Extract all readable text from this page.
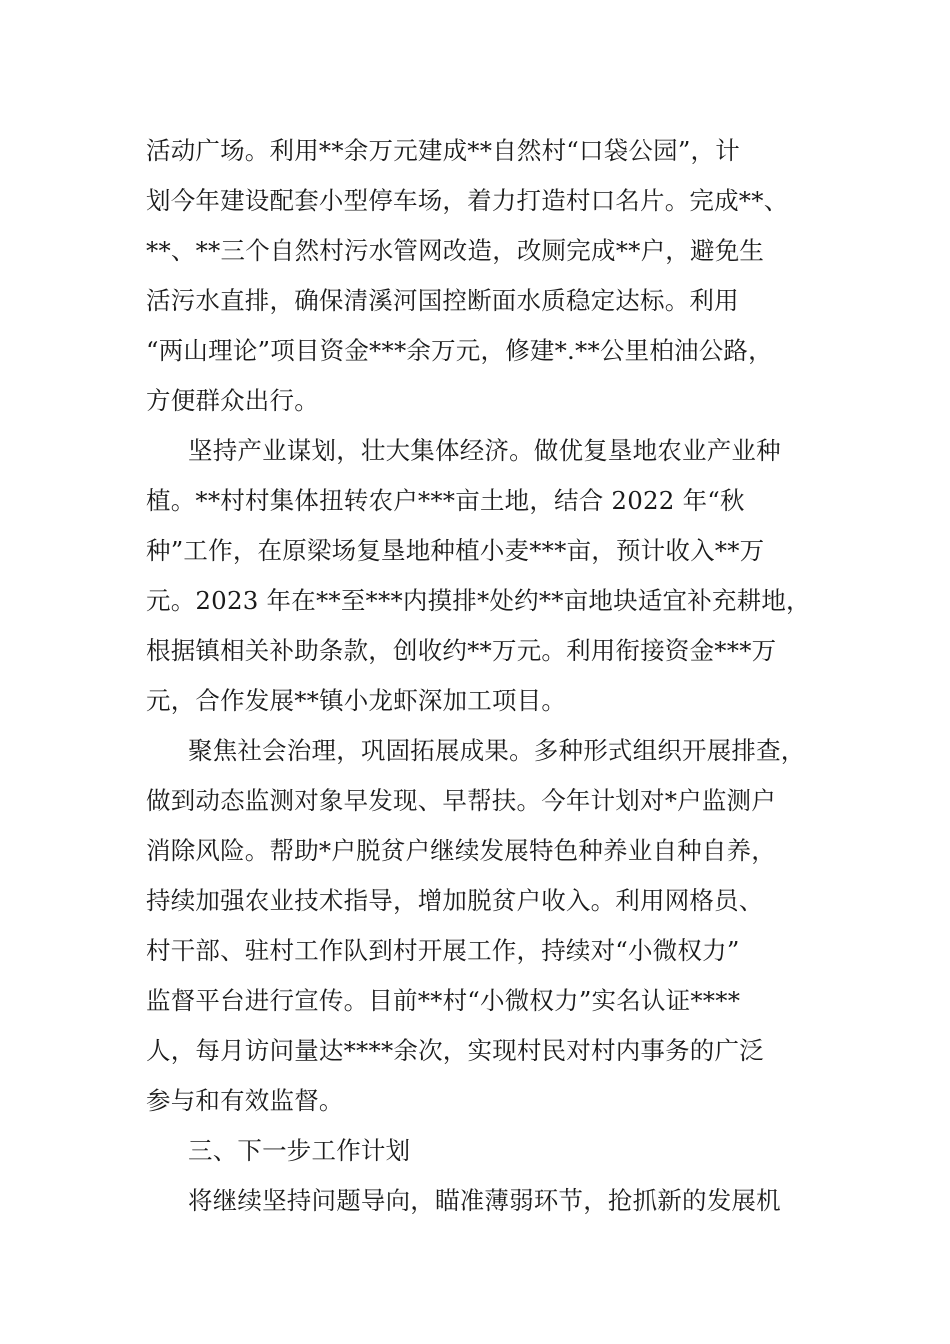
活动广场。利用**余万元建成**自然村“口袋公园”，计
划今年建设配套小型停车场，着力打造村口名片。完成**、
**、**三个自然村污水管网改造，改厕完成**户，避免生
活污水直排，确保清溪河国控断面水质稳定达标。利用
“两山理论”项目资金***余万元，修建*.**公里柏油公路，
方便群众出行。
坚持产业谋划，壮大集体经济。做优复垦地农业产业种
植。**村村集体扭转农户***亩土地，结合 2022 年“秋
种”工作，在原梁场复垦地种植小麦***亩，预计收入**万
元。2023 年在**至***内摸排*处约**亩地块适宜补充耕地，
根据镇相关补助条款，创收约**万元。利用衔接资金***万
元，合作发展**镇小龙虾深加工项目。
聚焦社会治理，巩固拓展成果。多种形式组织开展排查，
做到动态监测对象早发现、早帮扶。今年计划对*户监测户
消除风险。帮助*户脱贫户继续发展特色种养业自种自养，
持续加强农业技术指导，增加脱贫户收入。利用网格员、
村干部、驻村工作队到村开展工作，持续对“小微权力”
监督平台进行宣传。目前**村“小微权力”实名认证****
人，每月访问量达****余次，实现村民对村内事务的广泛
参与和有效监督。
三、下一步工作计划
将继续坚持问题导向，瞄准薄弱环节，抢抓新的发展机
